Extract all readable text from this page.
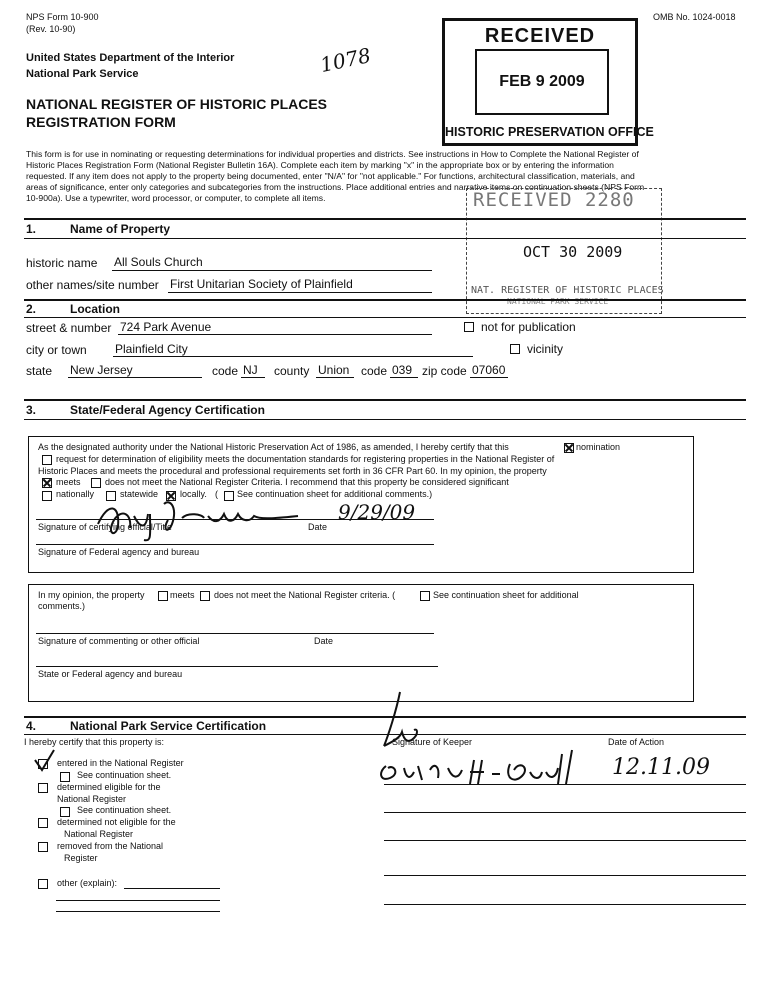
NPS Form 10-900
(Rev. 10-90)
OMB No. 1024-0018
United States Department of the Interior
National Park Service	1078
NATIONAL REGISTER OF HISTORIC PLACES
REGISTRATION FORM
RECEIVED
FEB 9 2009
HISTORIC PRESERVATION OFFICE
This form is for use in nominating or requesting determinations for individual properties and districts. See instructions in How to Complete the National Register of
Historic Places Registration Form (National Register Bulletin 16A). Complete each item by marking "x" in the appropriate box or by entering the information
requested. If any item does not apply to the property being documented, enter "N/A" for "not applicable." For functions, architectural classification, materials, and
areas of significance, enter only categories and subcategories from the instructions. Place additional entries and narrative items on continuation sheets (NPS Form
10-900a). Use a typewriter, word processor, or computer, to complete all items.	RECEIVED 2280
OCT 30 2009
NAT. REGISTER OF HISTORIC PLACES
NATIONAL PARK SERVICE
1.	Name of Property
historic name All Souls Church
other names/site number First Unitarian Society of Plainfield
2.	Location
street & number 724 Park Avenue	not for publication
city or town Plainfield City	vicinity
state New Jersey	code NJ county Union code 039 zip code 07060
3.	State/Federal Agency Certification
As the designated authority under the National Historic Preservation Act of 1986, as amended, I hereby certify that this	nomination
request for determination of eligibility meets the documentation standards for registering properties in the National Register of
Historic Places and meets the procedural and professional requirements set forth in 36 CFR Part 60. In my opinion, the property
meets	does not meet the National Register Criteria. I recommend that this property be considered significant
nationally	statewide locally. ( See continuation sheet for additional comments.)
9/29/09
Signature of certifying official/Title	Date
Signature of Federal agency and bureau
In my opinion, the property	meets does not meet the National Register criteria. (	See continuation sheet for additional
comments.)
Signature of commenting or other official	Date
State or Federal agency and bureau
4.	National Park Service Certification
I hereby certify that this property is:
entered in the National Register
See continuation sheet.
determined eligible for the
National Register
See continuation sheet.
determined not eligible for the
National Register
removed from the National
Register
other (explain):
Signature of Keeper	Date of Action
12.11.09
